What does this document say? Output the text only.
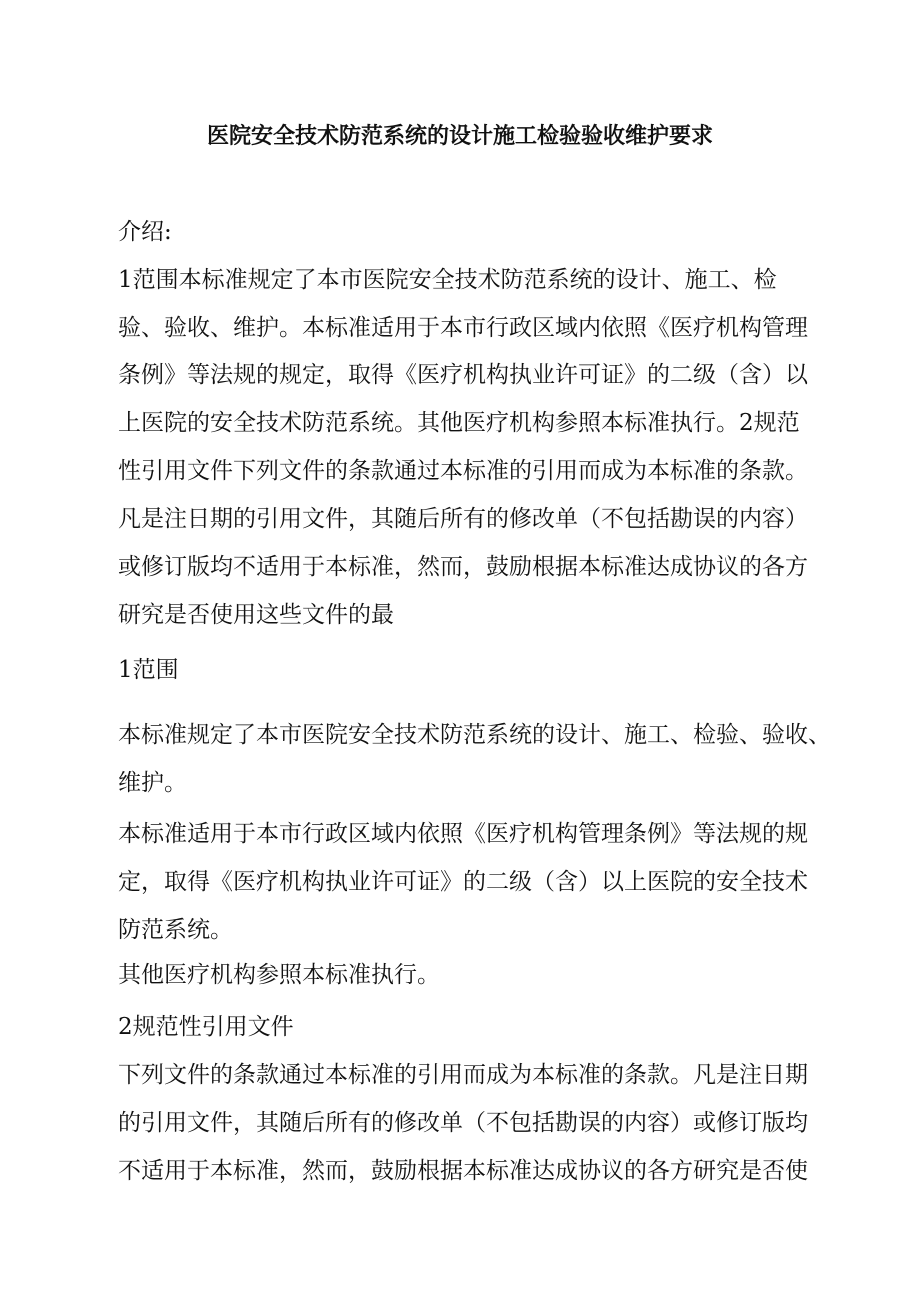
医院安全技术防范系统的设计施工检验验收维护要求
介绍:
1范围本标准规定了本市医院安全技术防范系统的设计、施工、检
验、验收、维护。本标准适用于本市行政区域内依照《医疗机构管理
条例》等法规的规定，取得《医疗机构执业许可证》的二级（含）以
上医院的安全技术防范系统。其他医疗机构参照本标准执行。2规范
性引用文件下列文件的条款通过本标准的引用而成为本标准的条款。
凡是注日期的引用文件，其随后所有的修改单（不包括勘误的内容）
或修订版均不适用于本标准，然而，鼓励根据本标准达成协议的各方
研究是否使用这些文件的最
1范围
本标准规定了本市医院安全技术防范系统的设计、施工、检验、验收、
维护。
本标准适用于本市行政区域内依照《医疗机构管理条例》等法规的规
定，取得《医疗机构执业许可证》的二级（含）以上医院的安全技术
防范系统。
其他医疗机构参照本标准执行。
2规范性引用文件
下列文件的条款通过本标准的引用而成为本标准的条款。凡是注日期
的引用文件，其随后所有的修改单（不包括勘误的内容）或修订版均
不适用于本标准，然而，鼓励根据本标准达成协议的各方研究是否使
